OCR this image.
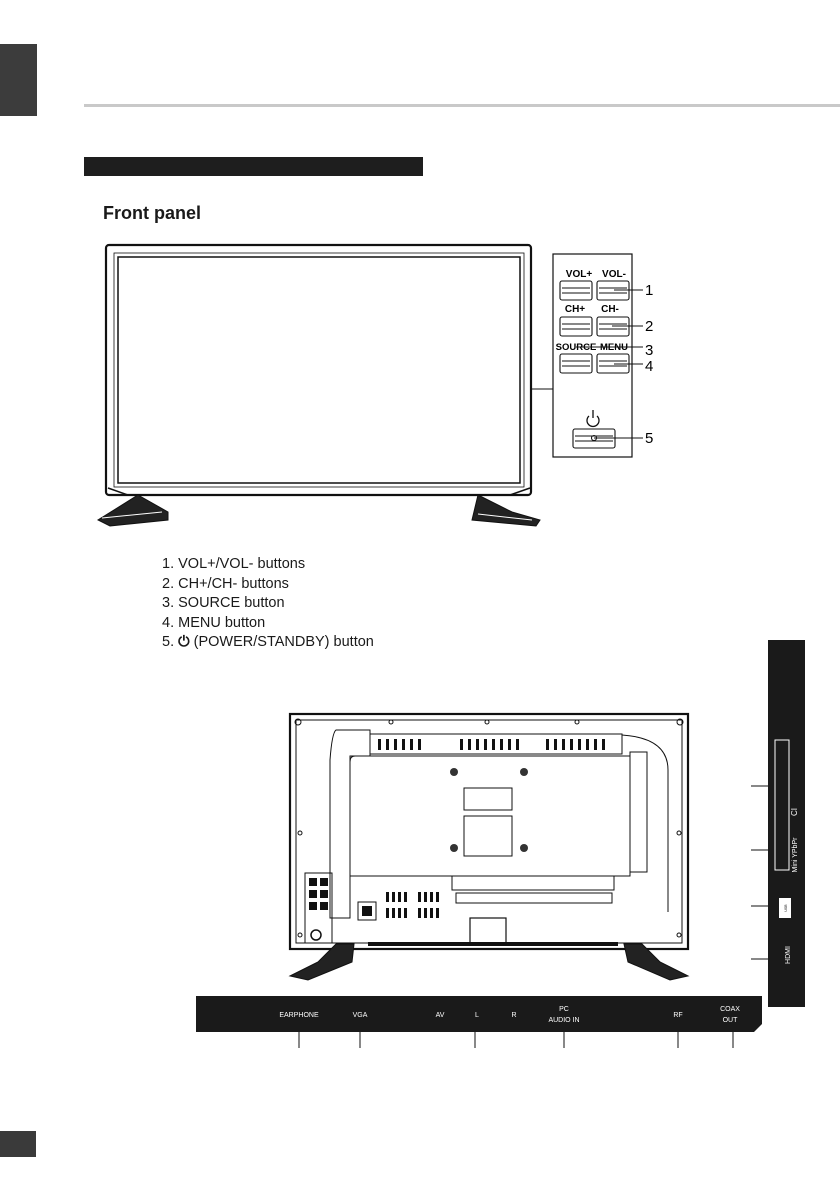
Front panel
VOL+ VOL-
CH+ CH-
SOURCE MENU
1
2
3
4
5
CI
Mini YPbPr
USB
HDMI
EARPHONE	VGA	AV	L	R
PC
AUDIO IN
RF
COAX
OUT
1. VOL+/VOL- buttons
2. CH+/CH- buttons
3. SOURCE button
4. MENU button
5. ⏻ (POWER/STANDBY) button
